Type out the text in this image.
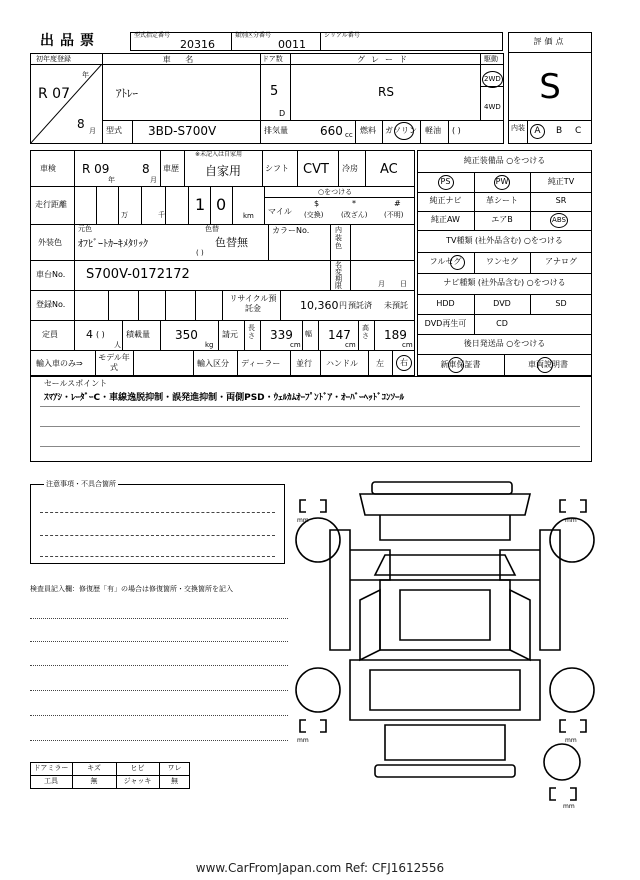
出品票	型式指定番号
20316
類別区分番号
0011
シリアル番号
評価点
S
内装	A	B C
初年度登録
年
R 07
8 月
車 名
ｱﾄﾚｰ
ドア数
5
D
グレード
RS
駆動
2WD
4WD
型式 3BD-S700V	排気量	660 cc 燃料 ガソリン 軽油 ( )
車検 R 09
年
8
月
車歴
※未記入は自家用
自家用	シフト CVT 冷房 AC
走行距離
万	千
1 0
km
○をつける
マイル
$
(交換)
*
(改ざん)
#
(不明)
外装色
元色
ｵﾌﾋﾞｰﾄｶｰｷﾒﾀﾘｯｸ
色替
色替無
( )
カラーNo.	内装色
車台No. S700V-0172172
名変期限	月 日
登録No.
リサイクル預託金	10,360 円 預託済 未預託
定員	4 ( )
人
積載量 350
kg
請元
長さ 339
cm
幅 147
cm
高さ 189
cm
輸入車のみ⇒
モデル年式	輸入区分 ディーラー 並行 ハンドル 左	右
純正装備品 ○をつける
PS	PW	純正TV
純正ナビ	革シート	SR
純正AW	エアB	ABS
TV種類 (社外品含む) ○をつける
フルセグ	ワンセグ	アナログ
ナビ種類 (社外品含む) ○をつける
HDD	DVD	SD
DVD再生可	CD
後日発送品 ○をつける
新車保証書	車両説明書
セールスポイント
ｽﾏｱｼ・ﾚｰﾀﾞｰC・車線逸脱抑制・誤発進抑制・両側PSD・ｳｪﾙｶﾑｵｰﾌﾟﾝﾄﾞｱ・ｵｰﾊﾞｰﾍｯﾄﾞｺﾝｿｰﾙ
注意事項・不具合箇所
検査員記入欄：修復歴「有」の場合は修復箇所・交換箇所を記入
ドアミラー	キズ	ヒビ	ワレ
工具	無	ジャッキ	無
mm	mm
mm	mm
mm
www.CarFromJapan.com Ref: CFJ1612556
